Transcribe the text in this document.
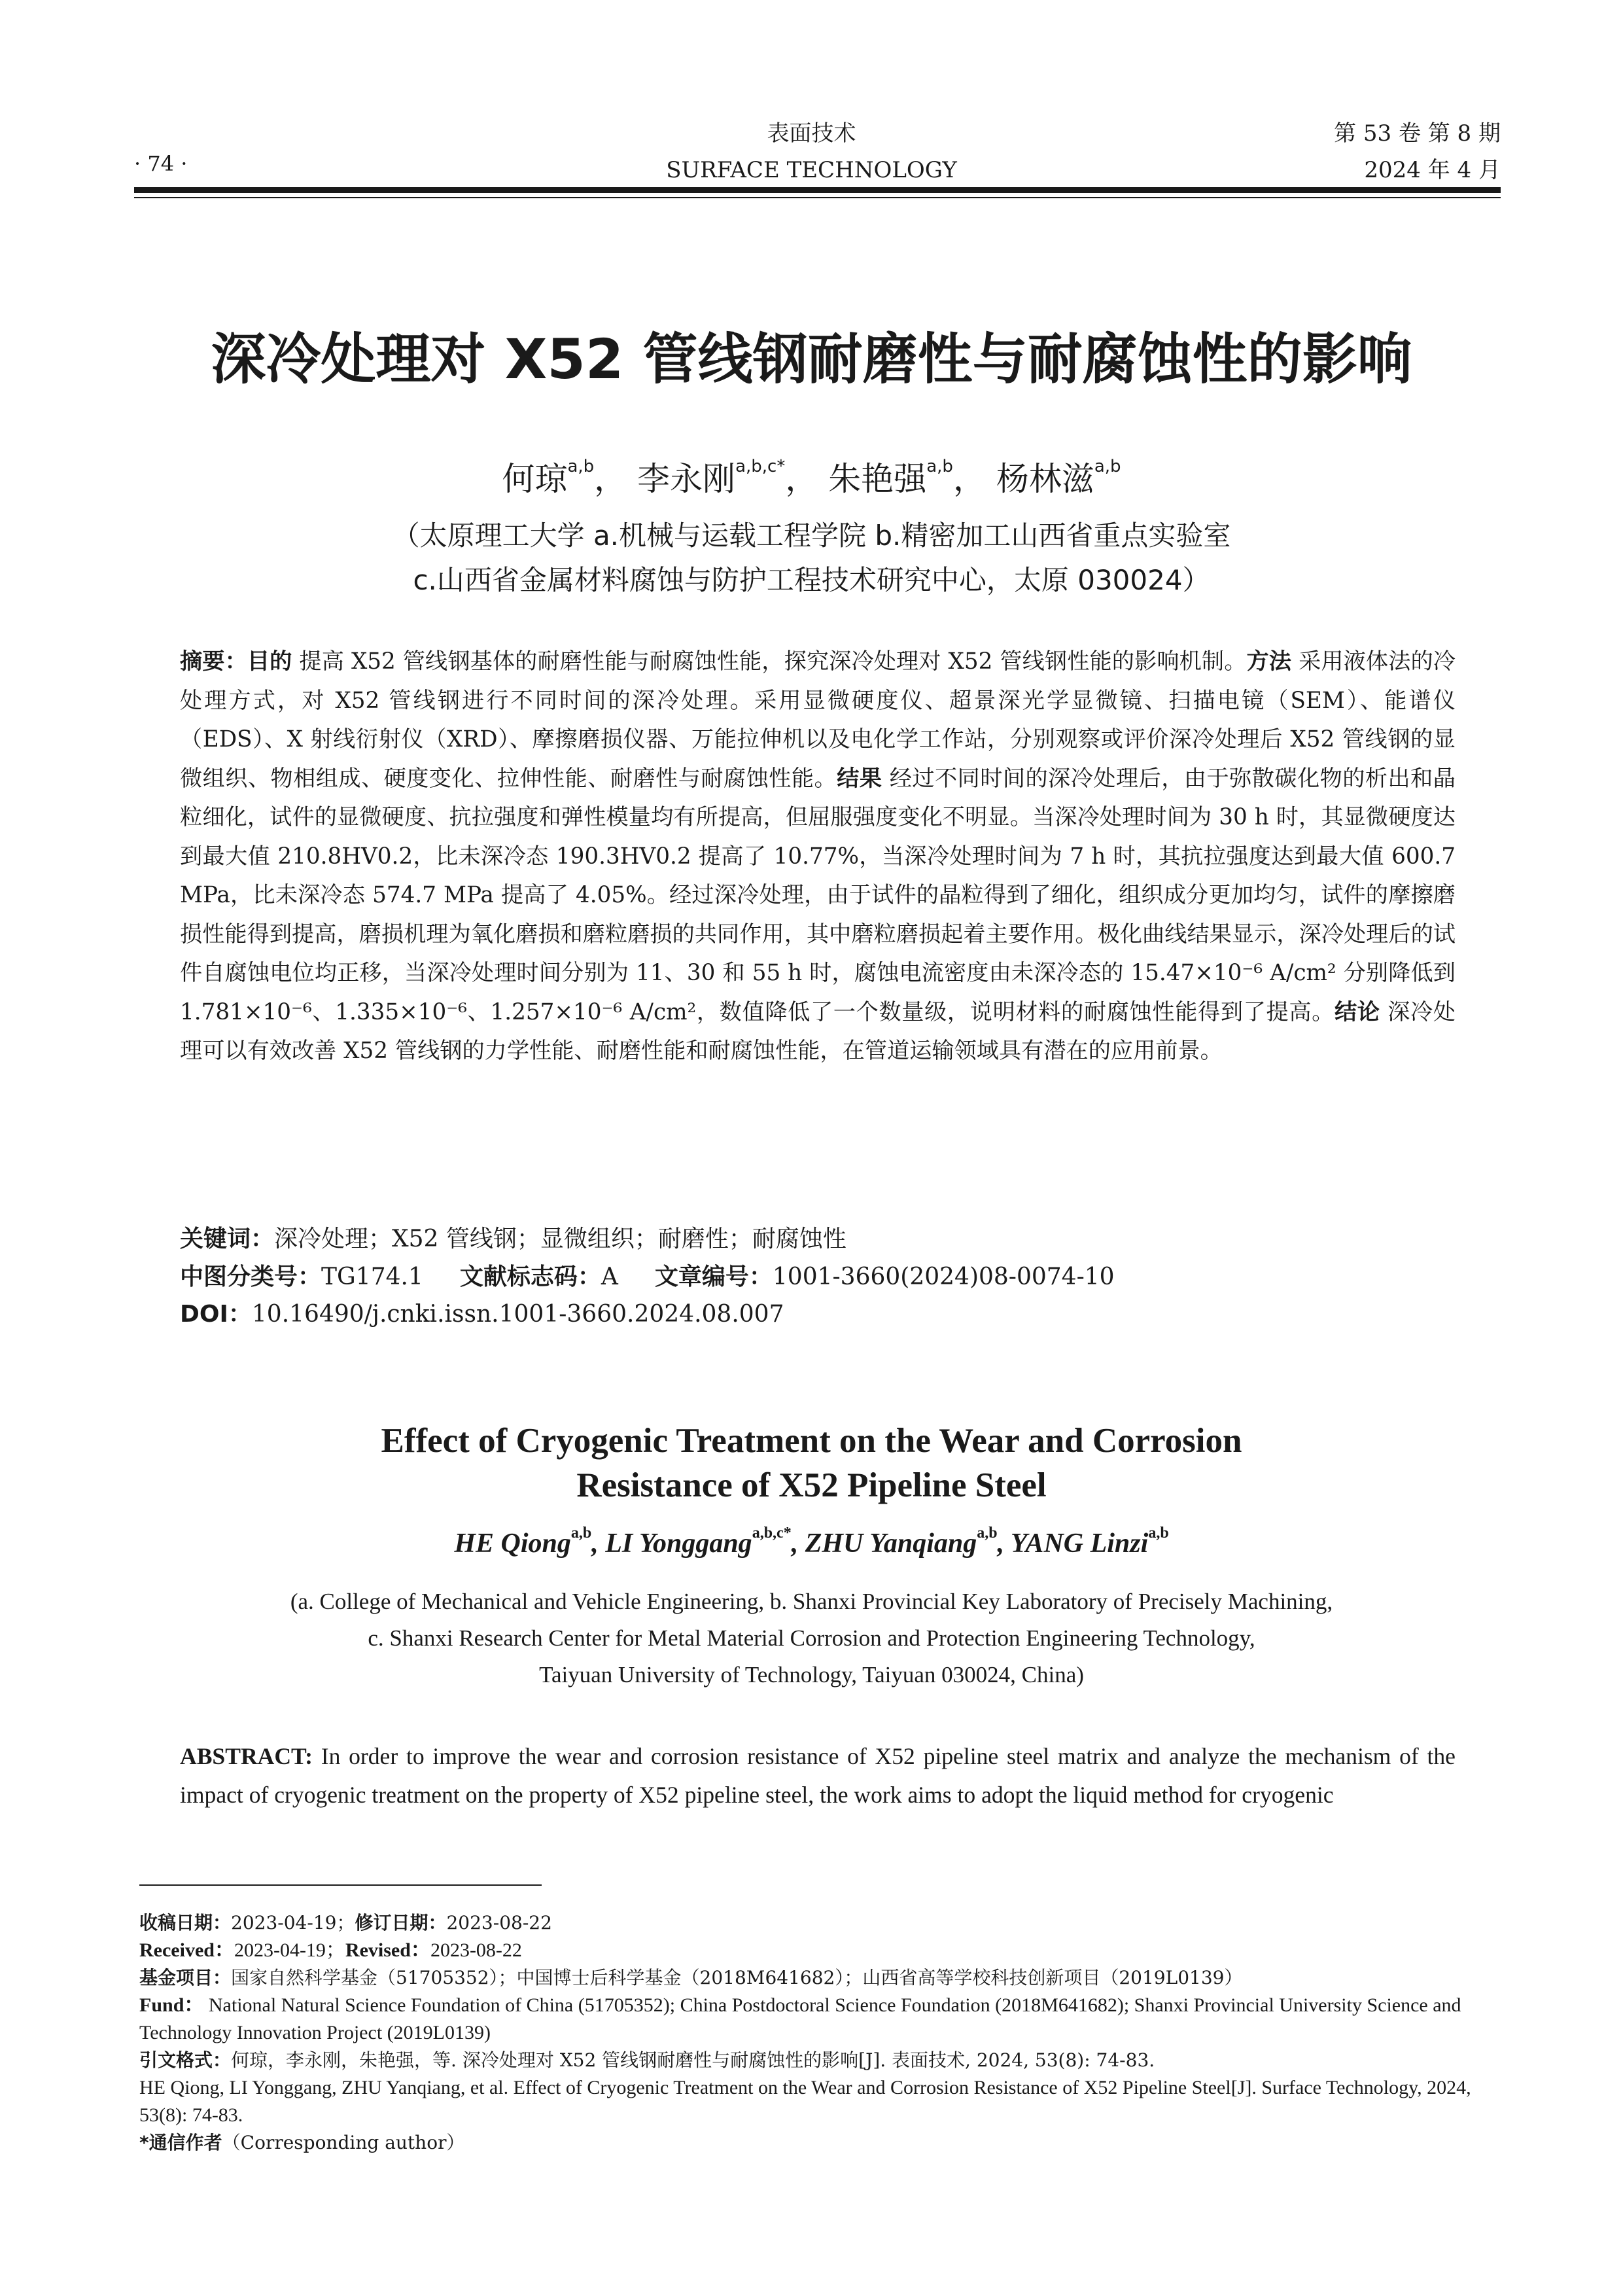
· 74 ·
表面技术
SURFACE TECHNOLOGY
第 53 卷 第 8 期
2024 年 4 月
深冷处理对 X52 管线钢耐磨性与耐腐蚀性的影响
何琼$^{a,b}$， 李永刚$^{a,b,c*}$， 朱艳强$^{a,b}$， 杨林滋$^{a,b}$
（太原理工大学 a.机械与运载工程学院 b.精密加工山西省重点实验室
c.山西省金属材料腐蚀与防护工程技术研究中心，太原 030024）
摘要：目的 提高 X52 管线钢基体的耐磨性能与耐腐蚀性能，探究深冷处理对 X52 管线钢性能的影响机制。方法 采用液体法的冷处理方式，对 X52 管线钢进行不同时间的深冷处理。采用显微硬度仪、超景深光学显微镜、扫描电镜（SEM）、能谱仪（EDS）、X 射线衍射仪（XRD）、摩擦磨损仪器、万能拉伸机以及电化学工作站，分别观察或评价深冷处理后 X52 管线钢的显微组织、物相组成、硬度变化、拉伸性能、耐磨性与耐腐蚀性能。结果 经过不同时间的深冷处理后，由于弥散碳化物的析出和晶粒细化，试件的显微硬度、抗拉强度和弹性模量均有所提高，但屈服强度变化不明显。当深冷处理时间为 30 h 时，其显微硬度达到最大值 210.8HV0.2，比未深冷态 190.3HV0.2 提高了 10.77%，当深冷处理时间为 7 h 时，其抗拉强度达到最大值 600.7 MPa，比未深冷态 574.7 MPa 提高了 4.05%。经过深冷处理，由于试件的晶粒得到了细化，组织成分更加均匀，试件的摩擦磨损性能得到提高，磨损机理为氧化磨损和磨粒磨损的共同作用，其中磨粒磨损起着主要作用。极化曲线结果显示，深冷处理后的试件自腐蚀电位均正移，当深冷处理时间分别为 11、30 和 55 h 时，腐蚀电流密度由未深冷态的 15.47×10⁻⁶ A/cm² 分别降低到 1.781×10⁻⁶、1.335×10⁻⁶、1.257×10⁻⁶ A/cm²，数值降低了一个数量级，说明材料的耐腐蚀性能得到了提高。结论 深冷处理可以有效改善 X52 管线钢的力学性能、耐磨性能和耐腐蚀性能，在管道运输领域具有潜在的应用前景。
关键词：深冷处理；X52 管线钢；显微组织；耐磨性；耐腐蚀性
中图分类号：TG174.1 文献标志码：A 文章编号：1001-3660(2024)08-0074-10
DOI：10.16490/j.cnki.issn.1001-3660.2024.08.007
Effect of Cryogenic Treatment on the Wear and Corrosion
Resistance of X52 Pipeline Steel
HE Qiong$^{a,b}$, LI Yonggang$^{a,b,c*}$, ZHU Yanqiang$^{a,b}$, YANG Linzi$^{a,b}$
(a. College of Mechanical and Vehicle Engineering, b. Shanxi Provincial Key Laboratory of Precisely Machining,
c. Shanxi Research Center for Metal Material Corrosion and Protection Engineering Technology,
Taiyuan University of Technology, Taiyuan 030024, China)
ABSTRACT: In order to improve the wear and corrosion resistance of X52 pipeline steel matrix and analyze the mechanism of the impact of cryogenic treatment on the property of X52 pipeline steel, the work aims to adopt the liquid method for cryogenic
收稿日期：2023-04-19；修订日期：2023-08-22
Received：2023-04-19；Revised：2023-08-22
基金项目：国家自然科学基金（51705352）；中国博士后科学基金（2018M641682）；山西省高等学校科技创新项目（2019L0139）
Fund： National Natural Science Foundation of China (51705352); China Postdoctoral Science Foundation (2018M641682); Shanxi Provincial University Science and Technology Innovation Project (2019L0139)
引文格式：何琼，李永刚，朱艳强，等. 深冷处理对 X52 管线钢耐磨性与耐腐蚀性的影响[J]. 表面技术, 2024, 53(8): 74-83.
HE Qiong, LI Yonggang, ZHU Yanqiang, et al. Effect of Cryogenic Treatment on the Wear and Corrosion Resistance of X52 Pipeline Steel[J]. Surface Technology, 2024, 53(8): 74-83.
*通信作者（Corresponding author）
